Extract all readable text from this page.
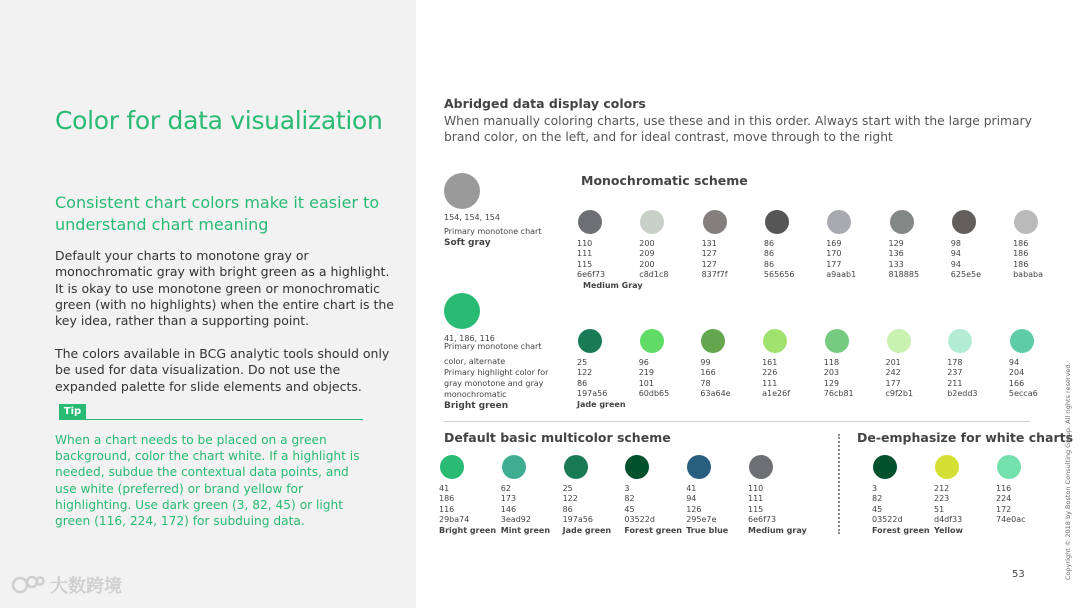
Color for data visualization
Consistent chart colors make it easier to understand chart meaning
Default your charts to monotone gray or monochromatic gray with bright green as a highlight. It is okay to use monotone green or monochromatic green (with no highlights) when the entire chart is the key idea, rather than a supporting point.
The colors available in BCG analytic tools should only be used for data visualization. Do not use the expanded palette for slide elements and objects.
Tip
When a chart needs to be placed on a green background, color the chart white. If a highlight is needed, subdue the contextual data points, and use white (preferred) or brand yellow for highlighting. Use dark green (3, 82, 45) or light green (116, 224, 172) for subduing data.
大数跨境
Abridged data display colors
When manually coloring charts, use these and in this order. Always start with the large primary brand color, on the left, and for ideal contrast, move through to the right
Monochromatic scheme
154, 154, 154
Primary monotone chart
Soft gray
41, 186, 116
Primary monotone chart
color, alternate
Primary highlight color for gray monotone and gray monochromatic
Bright green
110
111
115
6e6f73
Medium Gray
200
209
200
c8d1c8
131
127
127
837f7f
86
86
86
565656
169
170
177
a9aab1
129
136
133
818885
98
94
94
625e5e
186
186
186
bababa
25
122
86
197a56
Jade green
96
219
101
60db65
99
166
78
63a64e
161
226
111
a1e26f
118
203
129
76cb81
201
242
177
c9f2b1
178
237
211
b2edd3
94
204
166
5ecca6
Default basic multicolor scheme	De-emphasize for white charts
41
186
116
29ba74
Bright green
62
173
146
3ead92
Mint green
25
122
86
197a56
Jade green
3
82
45
03522d
Forest green
41
94
126
295e7e
True blue
110
111
115
6e6f73
Medium gray
3
82
45
03522d
Forest green
212
223
51
d4df33
Yellow
116
224
172
74e0ac
53	Copyright © 2018 by Boston Consulting Group. All rights reserved.
